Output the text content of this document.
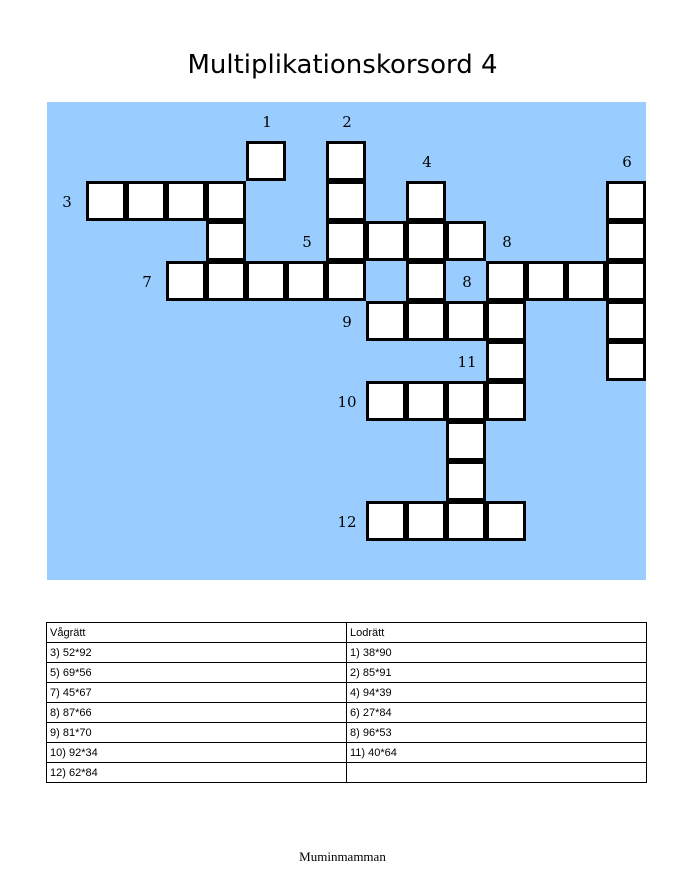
Multiplikationskorsord 4
1	2
4
3
6
5	8
7	8
9
11
10
12
Vågrätt	Lodrätt
3) 52*92	1) 38*90
5) 69*56	2) 85*91
7) 45*67	4) 94*39
8) 87*66	6) 27*84
9) 81*70	8) 96*53
10) 92*34	11) 40*64
12) 62*84	
Muminmamman
